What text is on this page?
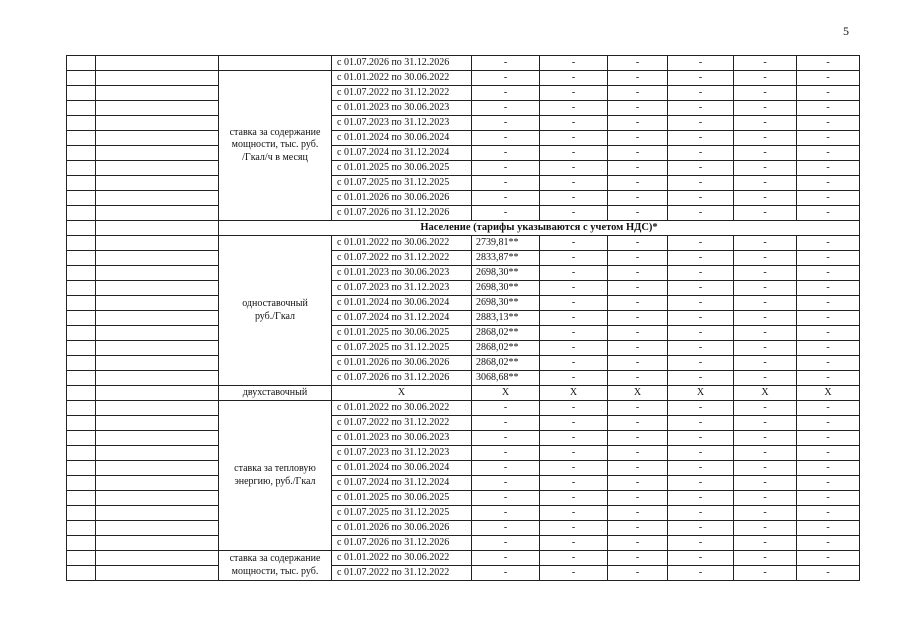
5
			с 01.07.2026 по 31.12.2026	-	-	-	-	-	-	

		ставка за содержание
мощности, тыс. руб.
/Гкал/ч в месяц	с 01.01.2022 по 30.06.2022	-	-	-	-	-	-	
			с 01.07.2022 по 31.12.2022	-	-	-	-	-	-	
			с 01.01.2023 по 30.06.2023	-	-	-	-	-	-	
			с 01.07.2023 по 31.12.2023	-	-	-	-	-	-	
			с 01.01.2024 по 30.06.2024	-	-	-	-	-	-	
			с 01.07.2024 по 31.12.2024	-	-	-	-	-	-	
			с 01.01.2025 по 30.06.2025	-	-	-	-	-	-	
			с 01.07.2025 по 31.12.2025	-	-	-	-	-	-	
			с 01.01.2026 по 30.06.2026	-	-	-	-	-	-	
			с 01.07.2026 по 31.12.2026	-	-	-	-	-	-	
		Население (тарифы указываются с учетом НДС)*								

		одноставочный
руб./Гкал	с 01.01.2022 по 30.06.2022	2739,81**	-	-	-	-	-	
			с 01.07.2022 по 31.12.2022	2833,87**	-	-	-	-	-	
			с 01.01.2023 по 30.06.2023	2698,30**	-	-	-	-	-	
			с 01.07.2023 по 31.12.2023	2698,30**	-	-	-	-	-	
			с 01.01.2024 по 30.06.2024	2698,30**	-	-	-	-	-	
			с 01.07.2024 по 31.12.2024	2883,13**	-	-	-	-	-	
			с 01.01.2025 по 30.06.2025	2868,02**	-	-	-	-	-	
			с 01.07.2025 по 31.12.2025	2868,02**	-	-	-	-	-	
			с 01.01.2026 по 30.06.2026	2868,02**	-	-	-	-	-	
			с 01.07.2026 по 31.12.2026	3068,68**	-	-	-	-	-	
		двухставочный	Х	Х	Х	Х	Х	Х	Х	

		ставка за тепловую
энергию, руб./Гкал	с 01.01.2022 по 30.06.2022	-	-	-	-	-	-	
			с 01.07.2022 по 31.12.2022	-	-	-	-	-	-	
			с 01.01.2023 по 30.06.2023	-	-	-	-	-	-	
			с 01.07.2023 по 31.12.2023	-	-	-	-	-	-	
			с 01.01.2024 по 30.06.2024	-	-	-	-	-	-	
			с 01.07.2024 по 31.12.2024	-	-	-	-	-	-	
			с 01.01.2025 по 30.06.2025	-	-	-	-	-	-	
			с 01.07.2025 по 31.12.2025	-	-	-	-	-	-	
			с 01.01.2026 по 30.06.2026	-	-	-	-	-	-	
			с 01.07.2026 по 31.12.2026	-	-	-	-	-	-	

		ставка за содержание
мощности, тыс. руб.	с 01.01.2022 по 30.06.2022	-	-	-	-	-	-	
			с 01.07.2022 по 31.12.2022	-	-	-	-	-	-	
